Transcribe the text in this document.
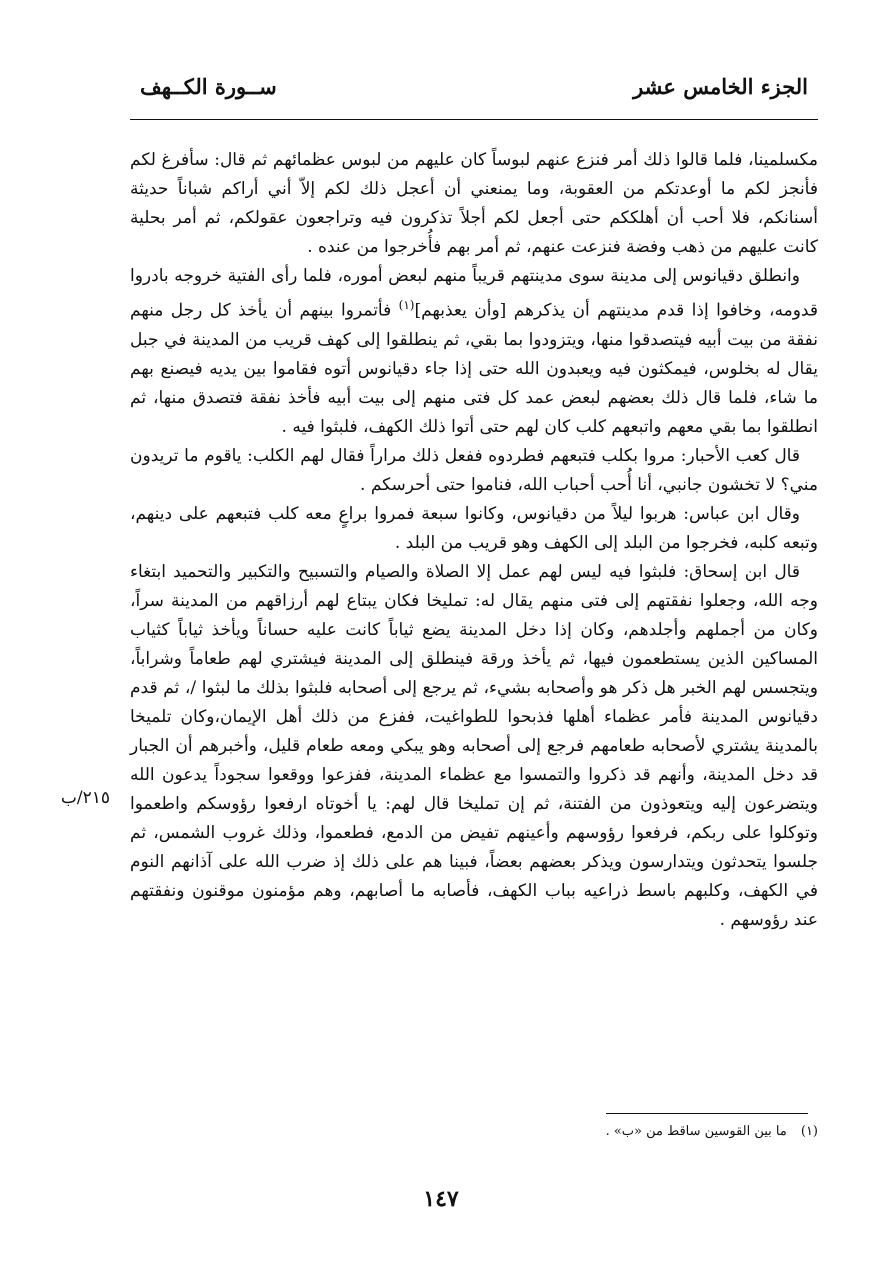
الجزء الخامس عشر
ســورة الكــهف

مكسلمينا، فلما قالوا ذلك أمر فنزع عنهم لبوساً كان عليهم من لبوس عظمائهم ثم قال: سأفرغ لكم فأنجز لكم ما أوعدتكم من العقوبة، وما يمنعني أن أعجل ذلك لكم إلاّ أني أراكم شباناً حديثة أسنانكم، فلا أحب أن أهلككم حتى أجعل لكم أجلاً تذكرون فيه وتراجعون عقولكم، ثم أمر بحلية كانت عليهم من ذهب وفضة فنزعت عنهم، ثم أمر بهم فأُخرجوا من عنده .

وانطلق دقيانوس إلى مدينة سوى مدينتهم قريباً منهم لبعض أموره، فلما رأى الفتية خروجه بادروا قدومه، وخافوا إذا قدم مدينتهم أن يذكرهم [وأن يعذبهم]$^{(١)}$ فأتمروا بينهم أن يأخذ كل رجل منهم نفقة من بيت أبيه فيتصدقوا منها، ويتزودوا بما بقي، ثم ينطلقوا إلى كهف قريب من المدينة في جبل يقال له بخلوس، فيمكثون فيه ويعبدون الله حتى إذا جاء دقيانوس أتوه فقاموا بين يديه فيصنع بهم ما شاء، فلما قال ذلك بعضهم لبعض عمد كل فتى منهم إلى بيت أبيه فأخذ نفقة فتصدق منها، ثم انطلقوا بما بقي معهم واتبعهم كلب كان لهم حتى أتوا ذلك الكهف، فلبثوا فيه .

قال كعب الأحبار: مروا بكلب فتبعهم فطردوه ففعل ذلك مراراً فقال لهم الكلب: ياقوم ما تريدون مني؟ لا تخشون جانبي، أنا أُحب أحباب الله، فناموا حتى أحرسكم .

وقال ابن عباس: هربوا ليلاً من دقيانوس، وكانوا سبعة فمروا براعٍ معه كلب فتبعهم على دينهم، وتبعه كلبه، فخرجوا من البلد إلى الكهف وهو قريب من البلد .

قال ابن إسحاق: فلبثوا فيه ليس لهم عمل إلا الصلاة والصيام والتسبيح والتكبير والتحميد ابتغاء وجه الله، وجعلوا نفقتهم إلى فتى منهم يقال له: تمليخا فكان يبتاع لهم أرزاقهم من المدينة سراً، وكان من أجملهم وأجلدهم، وكان إذا دخل المدينة يضع ثياباً كانت عليه حساناً ويأخذ ثياباً كثياب المساكين الذين يستطعمون فيها، ثم يأخذ ورقة فينطلق إلى المدينة فيشتري لهم طعاماً وشراباً، ويتجسس لهم الخبر هل ذكر هو وأصحابه بشيء، ثم يرجع إلى أصحابه فلبثوا بذلك ما لبثوا /، ثم قدم دقيانوس المدينة فأمر عظماء أهلها فذبحوا للطواغيت، ففزع من ذلك أهل الإيمان،وكان تلميخا بالمدينة يشتري لأصحابه طعامهم فرجع إلى أصحابه وهو يبكي ومعه طعام قليل، وأخبرهم أن الجبار قد دخل المدينة، وأنهم قد ذكروا والتمسوا مع عظماء المدينة، ففزعوا ووقعوا سجوداً يدعون الله ويتضرعون إليه ويتعوذون من الفتنة، ثم إن تمليخا قال لهم: يا أخوتاه ارفعوا رؤوسكم واطعموا وتوكلوا على ربكم، فرفعوا رؤوسهم وأعينهم تفيض من الدمع، فطعموا، وذلك غروب الشمس، ثم جلسوا يتحدثون ويتدارسون ويذكر بعضهم بعضاً، فبينا هم على ذلك إذ ضرب الله على آذانهم النوم في الكهف، وكلبهم باسط ذراعيه بباب الكهف، فأصابه ما أصابهم، وهم مؤمنون موقنون ونفقتهم عند رؤوسهم .

٢١٥/ب
(١)ما بين القوسين ساقط من «ب» .
١٤٧
